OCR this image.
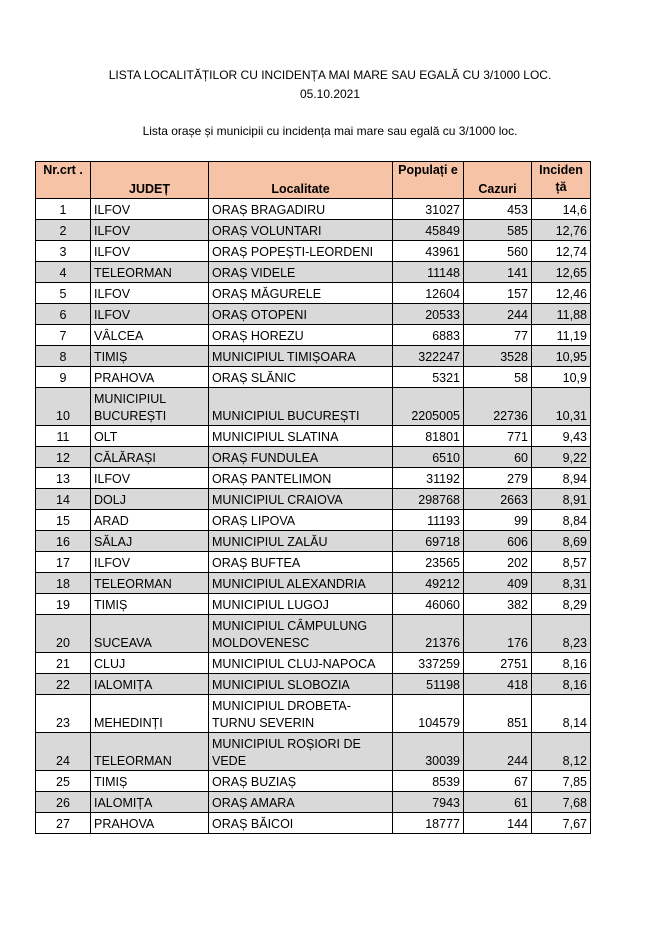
LISTA LOCALITĂȚILOR CU INCIDENȚA MAI MARE SAU EGALĂ CU 3/1000 LOC.
05.10.2021
Lista orașe și municipii cu incidența mai mare sau egală cu 3/1000 loc.
Nr.crt .	JUDEȚ	Localitate	Populați e	Cazuri	Inciden ță
1	ILFOV	ORAȘ BRAGADIRU	31027	453	14,6
2	ILFOV	ORAȘ VOLUNTARI	45849	585	12,76
3	ILFOV	ORAȘ POPEȘTI-LEORDENI	43961	560	12,74
4	TELEORMAN	ORAȘ VIDELE	11148	141	12,65
5	ILFOV	ORAȘ MĂGURELE	12604	157	12,46
6	ILFOV	ORAȘ OTOPENI	20533	244	11,88
7	VÂLCEA	ORAȘ HOREZU	6883	77	11,19
8	TIMIȘ	MUNICIPIUL TIMIȘOARA	322247	3528	10,95
9	PRAHOVA	ORAȘ SLĂNIC	5321	58	10,9
10	MUNICIPIUL BUCUREȘTI	MUNICIPIUL BUCUREȘTI	2205005	22736	10,31
11	OLT	MUNICIPIUL SLATINA	81801	771	9,43
12	CĂLĂRAȘI	ORAȘ FUNDULEA	6510	60	9,22
13	ILFOV	ORAȘ PANTELIMON	31192	279	8,94
14	DOLJ	MUNICIPIUL CRAIOVA	298768	2663	8,91
15	ARAD	ORAȘ LIPOVA	11193	99	8,84
16	SĂLAJ	MUNICIPIUL ZALĂU	69718	606	8,69
17	ILFOV	ORAȘ BUFTEA	23565	202	8,57
18	TELEORMAN	MUNICIPIUL ALEXANDRIA	49212	409	8,31
19	TIMIȘ	MUNICIPIUL LUGOJ	46060	382	8,29
20	SUCEAVA	MUNICIPIUL CÂMPULUNG MOLDOVENESC	21376	176	8,23
21	CLUJ	MUNICIPIUL CLUJ-NAPOCA	337259	2751	8,16
22	IALOMIȚA	MUNICIPIUL SLOBOZIA	51198	418	8,16
23	MEHEDINȚI	MUNICIPIUL DROBETA-TURNU SEVERIN	104579	851	8,14
24	TELEORMAN	MUNICIPIUL ROȘIORI DE VEDE	30039	244	8,12
25	TIMIȘ	ORAȘ BUZIAȘ	8539	67	7,85
26	IALOMIȚA	ORAȘ AMARA	7943	61	7,68
27	PRAHOVA	ORAȘ BĂICOI	18777	144	7,67
